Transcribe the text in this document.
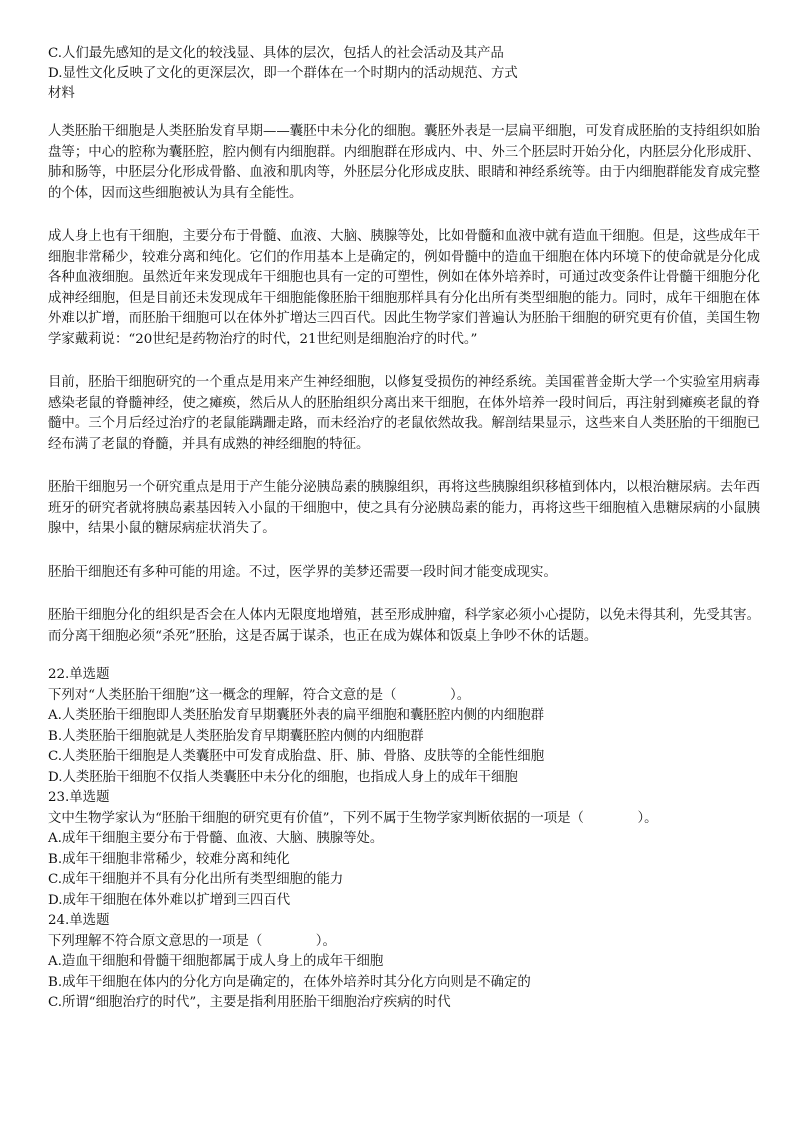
C.人们最先感知的是文化的较浅显、具体的层次，包括人的社会活动及其产品
D.显性文化反映了文化的更深层次，即一个群体在一个时期内的活动规范、方式
材料

人类胚胎干细胞是人类胚胎发育早期——囊胚中未分化的细胞。囊胚外表是一层扁平细胞，可发育成胚胎的支持组织如胎盘等；中心的腔称为囊胚腔，腔内侧有内细胞群。内细胞群在形成内、中、外三个胚层时开始分化，内胚层分化形成肝、肺和肠等，中胚层分化形成骨骼、血液和肌肉等，外胚层分化形成皮肤、眼睛和神经系统等。由于内细胞群能发育成完整的个体，因而这些细胞被认为具有全能性。

成人身上也有干细胞，主要分布于骨髓、血液、大脑、胰腺等处，比如骨髓和血液中就有造血干细胞。但是，这些成年干细胞非常稀少，较难分离和纯化。它们的作用基本上是确定的，例如骨髓中的造血干细胞在体内环境下的使命就是分化成各种血液细胞。虽然近年来发现成年干细胞也具有一定的可塑性，例如在体外培养时，可通过改变条件让骨髓干细胞分化成神经细胞，但是目前还未发现成年干细胞能像胚胎干细胞那样具有分化出所有类型细胞的能力。同时，成年干细胞在体外难以扩增，而胚胎干细胞可以在体外扩增达三四百代。因此生物学家们普遍认为胚胎干细胞的研究更有价值，美国生物学家戴莉说：“20世纪是药物治疗的时代，21世纪则是细胞治疗的时代。”

目前，胚胎干细胞研究的一个重点是用来产生神经细胞，以修复受损伤的神经系统。美国霍普金斯大学一个实验室用病毒感染老鼠的脊髓神经，使之瘫痪，然后从人的胚胎组织分离出来干细胞，在体外培养一段时间后，再注射到瘫痪老鼠的脊髓中。三个月后经过治疗的老鼠能蹒跚走路，而未经治疗的老鼠依然故我。解剖结果显示，这些来自人类胚胎的干细胞已经布满了老鼠的脊髓，并具有成熟的神经细胞的特征。

胚胎干细胞另一个研究重点是用于产生能分泌胰岛素的胰腺组织，再将这些胰腺组织移植到体内，以根治糖尿病。去年西班牙的研究者就将胰岛素基因转入小鼠的干细胞中，使之具有分泌胰岛素的能力，再将这些干细胞植入患糖尿病的小鼠胰腺中，结果小鼠的糖尿病症状消失了。

胚胎干细胞还有多种可能的用途。不过，医学界的美梦还需要一段时间才能变成现实。

胚胎干细胞分化的组织是否会在人体内无限度地增殖，甚至形成肿瘤，科学家必须小心提防，以免未得其利，先受其害。而分离干细胞必须“杀死”胚胎，这是否属于谋杀，也正在成为媒体和饭桌上争吵不休的话题。

22.单选题
下列对“人类胚胎干细胞”这一概念的理解，符合文意的是（　　　　）。
A.人类胚胎干细胞即人类胚胎发育早期囊胚外表的扁平细胞和囊胚腔内侧的内细胞群
B.人类胚胎干细胞就是人类胚胎发育早期囊胚腔内侧的内细胞群
C.人类胚胎干细胞是人类囊胚中可发育成胎盘、肝、肺、骨胳、皮肤等的全能性细胞
D.人类胚胎干细胞不仅指人类囊胚中未分化的细胞，也指成人身上的成年干细胞
23.单选题
文中生物学家认为“胚胎干细胞的研究更有价值”，下列不属于生物学家判断依据的一项是（　　　　）。
A.成年干细胞主要分布于骨髓、血液、大脑、胰腺等处。
B.成年干细胞非常稀少，较难分离和纯化
C.成年干细胞并不具有分化出所有类型细胞的能力
D.成年干细胞在体外难以扩增到三四百代
24.单选题
下列理解不符合原文意思的一项是（　　　　）。
A.造血干细胞和骨髓干细胞都属于成人身上的成年干细胞
B.成年干细胞在体内的分化方向是确定的，在体外培养时其分化方向则是不确定的
C.所谓“细胞治疗的时代”，主要是指利用胚胎干细胞治疗疾病的时代
